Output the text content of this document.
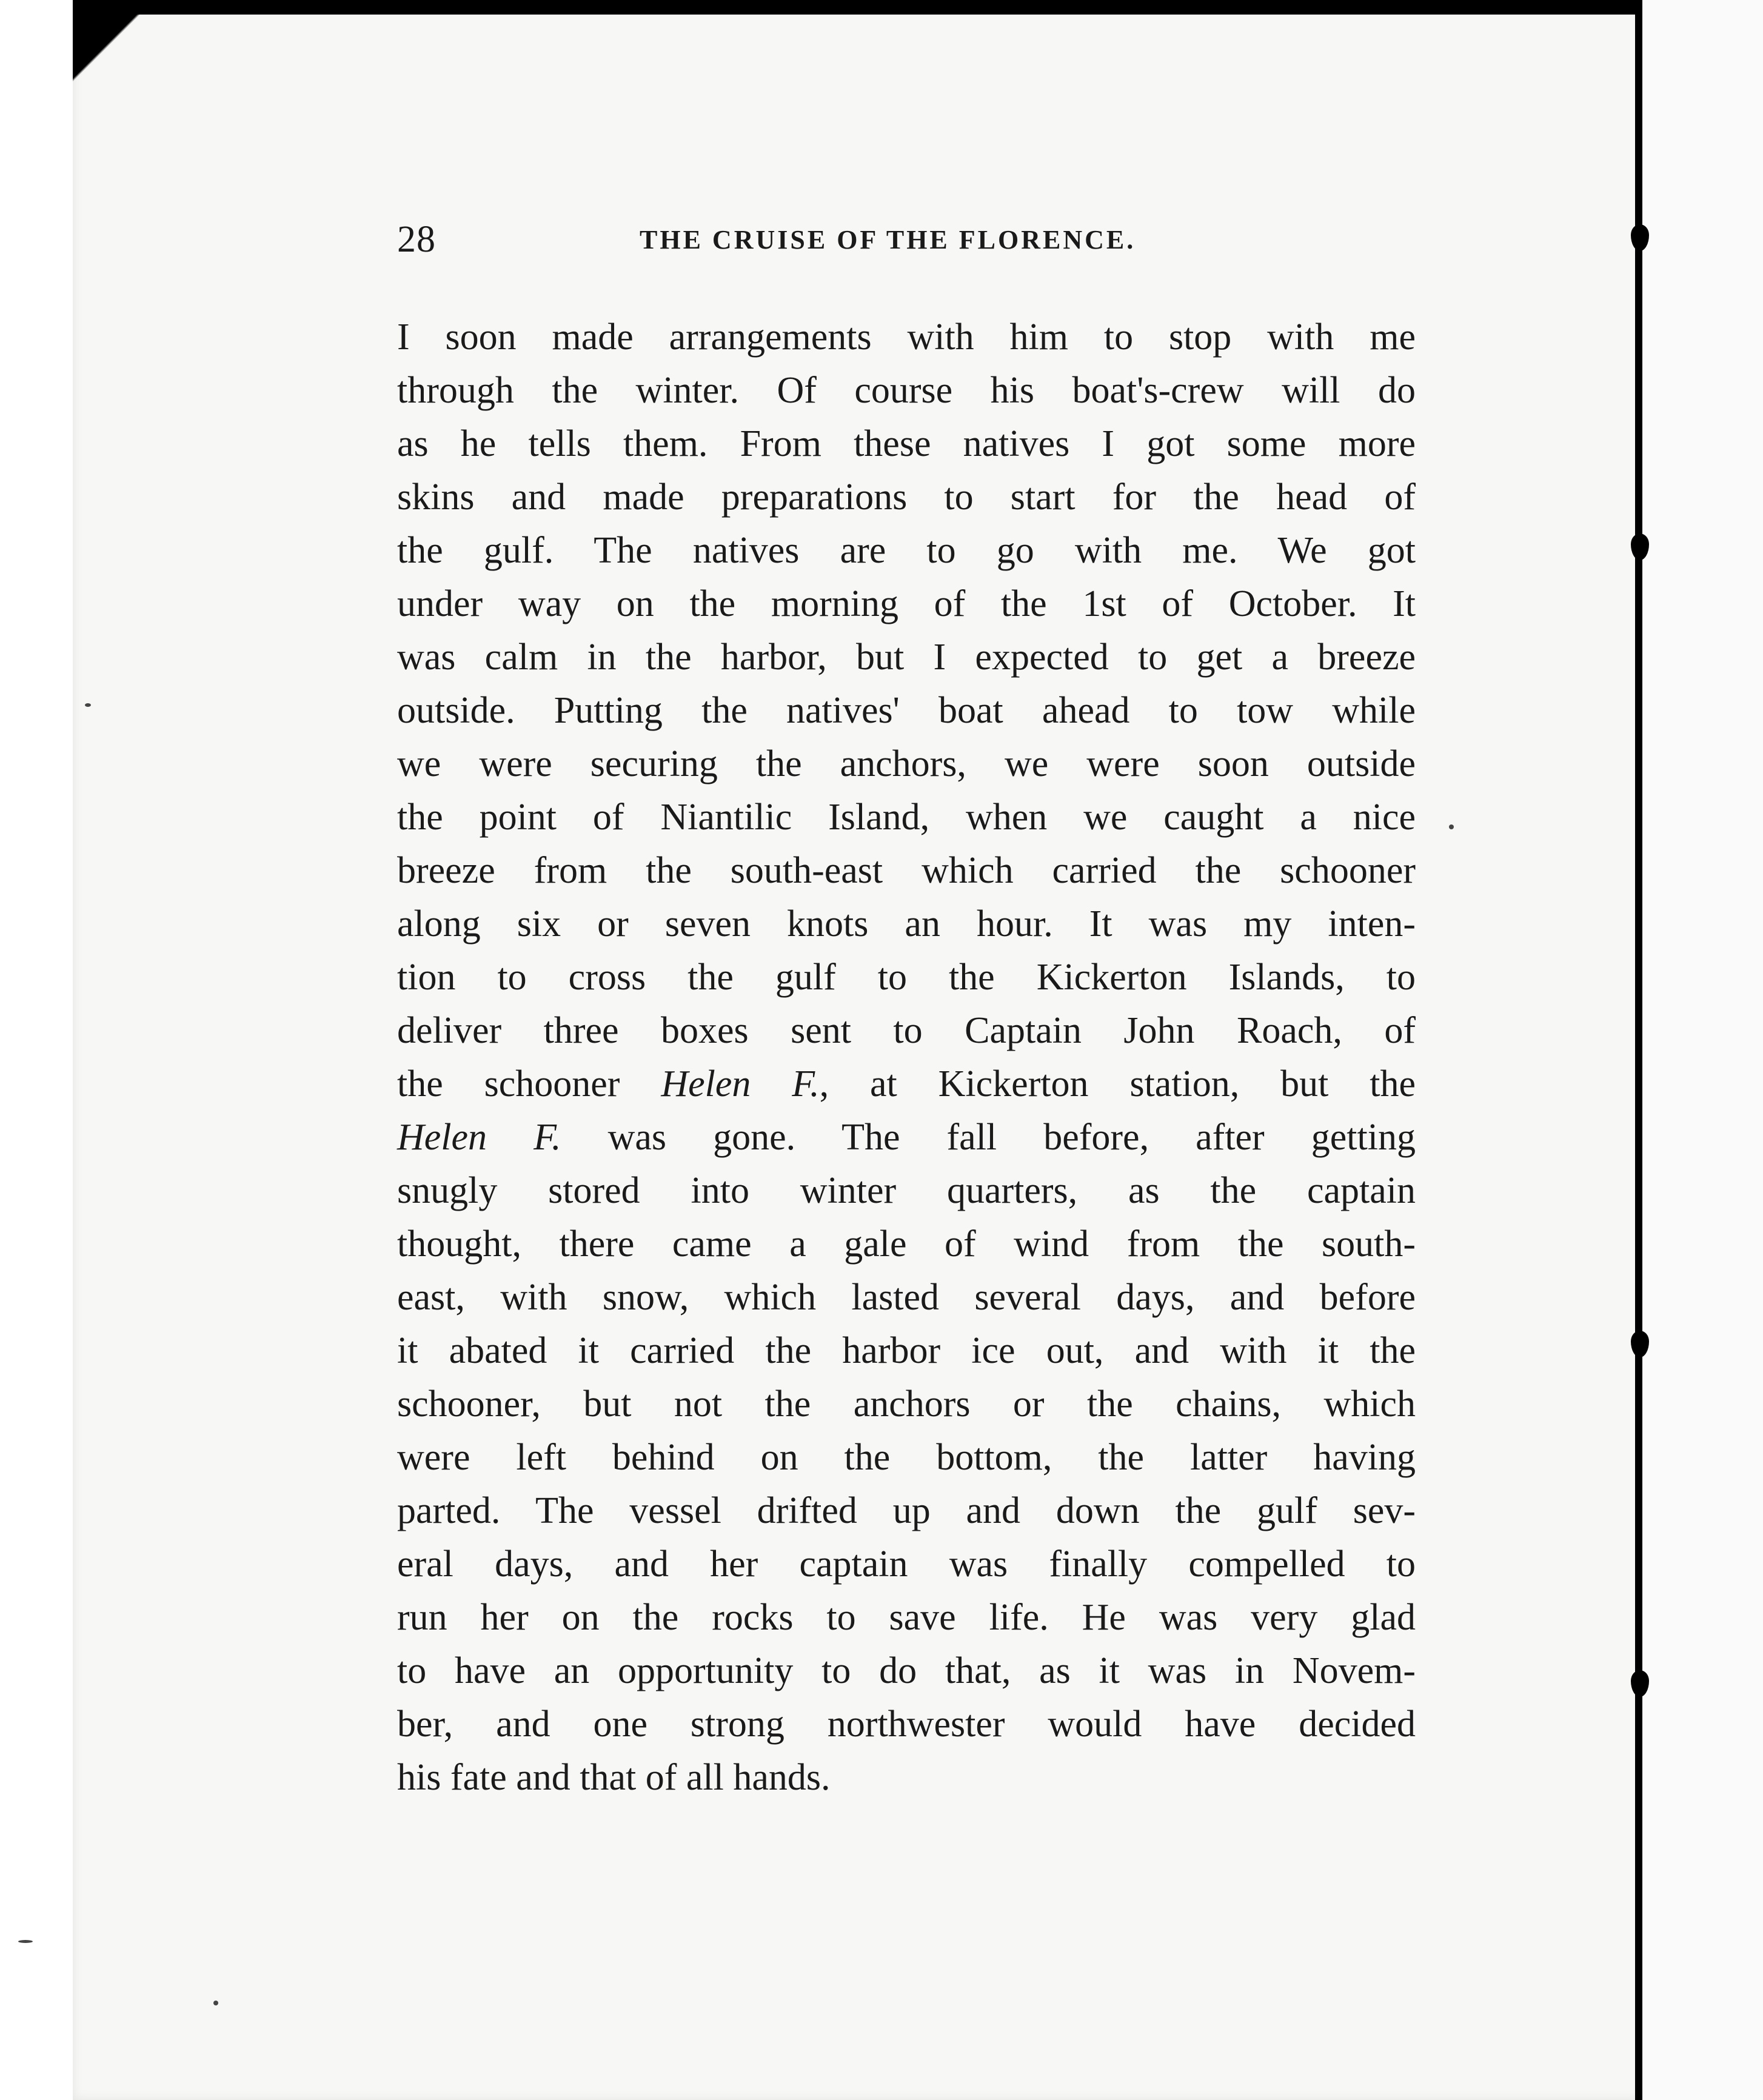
28	THE CRUISE OF THE FLORENCE.
I soon made arrangements with him to stop with me
through the winter. Of course his boat's-crew will do
as he tells them. From these natives I got some more
skins and made preparations to start for the head of
the gulf. The natives are to go with me. We got
under way on the morning of the 1st of October. It
was calm in the harbor, but I expected to get a breeze
outside. Putting the natives' boat ahead to tow while
we were securing the anchors, we were soon outside
the point of Niantilic Island, when we caught a nice
breeze from the south-east which carried the schooner
along six or seven knots an hour. It was my inten-
tion to cross the gulf to the Kickerton Islands, to
deliver three boxes sent to Captain John Roach, of
the schooner Helen F., at Kickerton station, but the
Helen F. was gone. The fall before, after getting
snugly stored into winter quarters, as the captain
thought, there came a gale of wind from the south-
east, with snow, which lasted several days, and before
it abated it carried the harbor ice out, and with it the
schooner, but not the anchors or the chains, which
were left behind on the bottom, the latter having
parted. The vessel drifted up and down the gulf sev-
eral days, and her captain was finally compelled to
run her on the rocks to save life. He was very glad
to have an opportunity to do that, as it was in Novem-
ber, and one strong northwester would have decided
his fate and that of all hands.
